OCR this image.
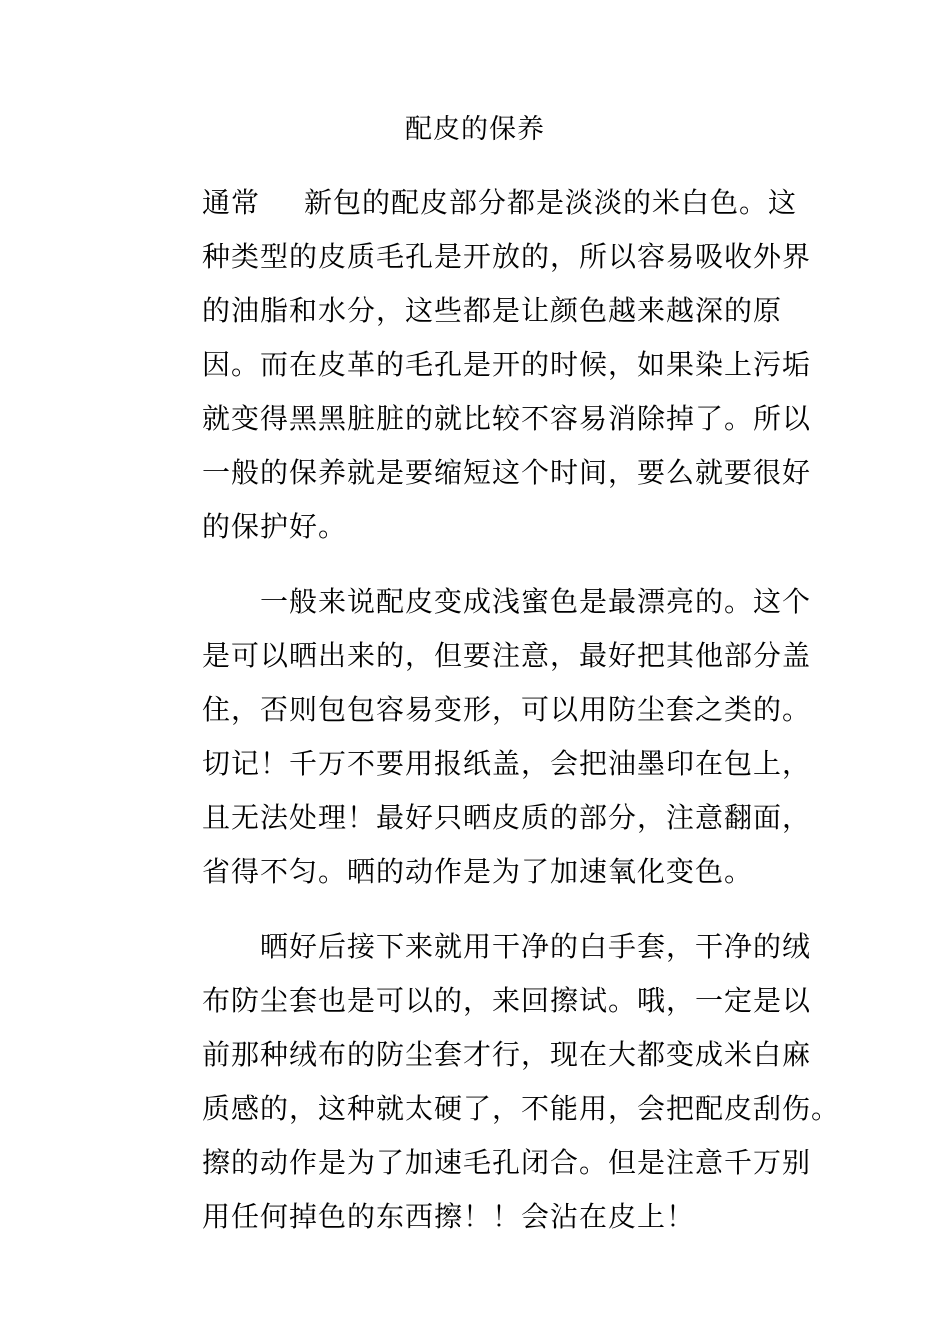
配皮的保养
通常 新包的配皮部分都是淡淡的米白色。这
种类型的皮质毛孔是开放的，所以容易吸收外界
的油脂和水分，这些都是让颜色越来越深的原
因。而在皮革的毛孔是开的时候，如果染上污垢
就变得黑黑脏脏的就比较不容易消除掉了。所以
一般的保养就是要缩短这个时间，要么就要很好
的保护好。
一般来说配皮变成浅蜜色是最漂亮的。这个
是可以晒出来的，但要注意，最好把其他部分盖
住，否则包包容易变形，可以用防尘套之类的。
切记！千万不要用报纸盖，会把油墨印在包上，
且无法处理！最好只晒皮质的部分，注意翻面，
省得不匀。晒的动作是为了加速氧化变色。
晒好后接下来就用干净的白手套，干净的绒
布防尘套也是可以的，来回擦试。哦，一定是以
前那种绒布的防尘套才行，现在大都变成米白麻
质感的，这种就太硬了，不能用，会把配皮刮伤。
擦的动作是为了加速毛孔闭合。但是注意千万别
用任何掉色的东西擦！！会沾在皮上！
